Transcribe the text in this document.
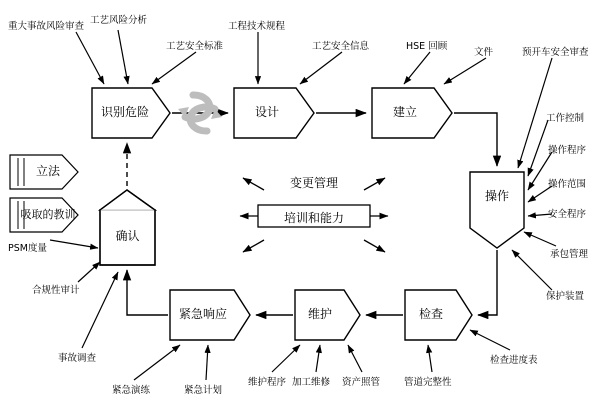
识别危险	设计	建立
操作
检查
维护
紧急响应
确认
立法
吸取的教训
变更管理
培训和能力
重大事故风险审查
工艺风险分析
工艺安全标准
工程技术规程
工艺安全信息	HSE 回顾
文件	预开车安全审查
工作控制
操作程序
操作范围
安全程序
承包管理
保护装置
检查进度表
管道完整性
资产照管
加工维修
维护程序
紧急计划
紧急演练
事故调查
合规性审计
PSM度量
